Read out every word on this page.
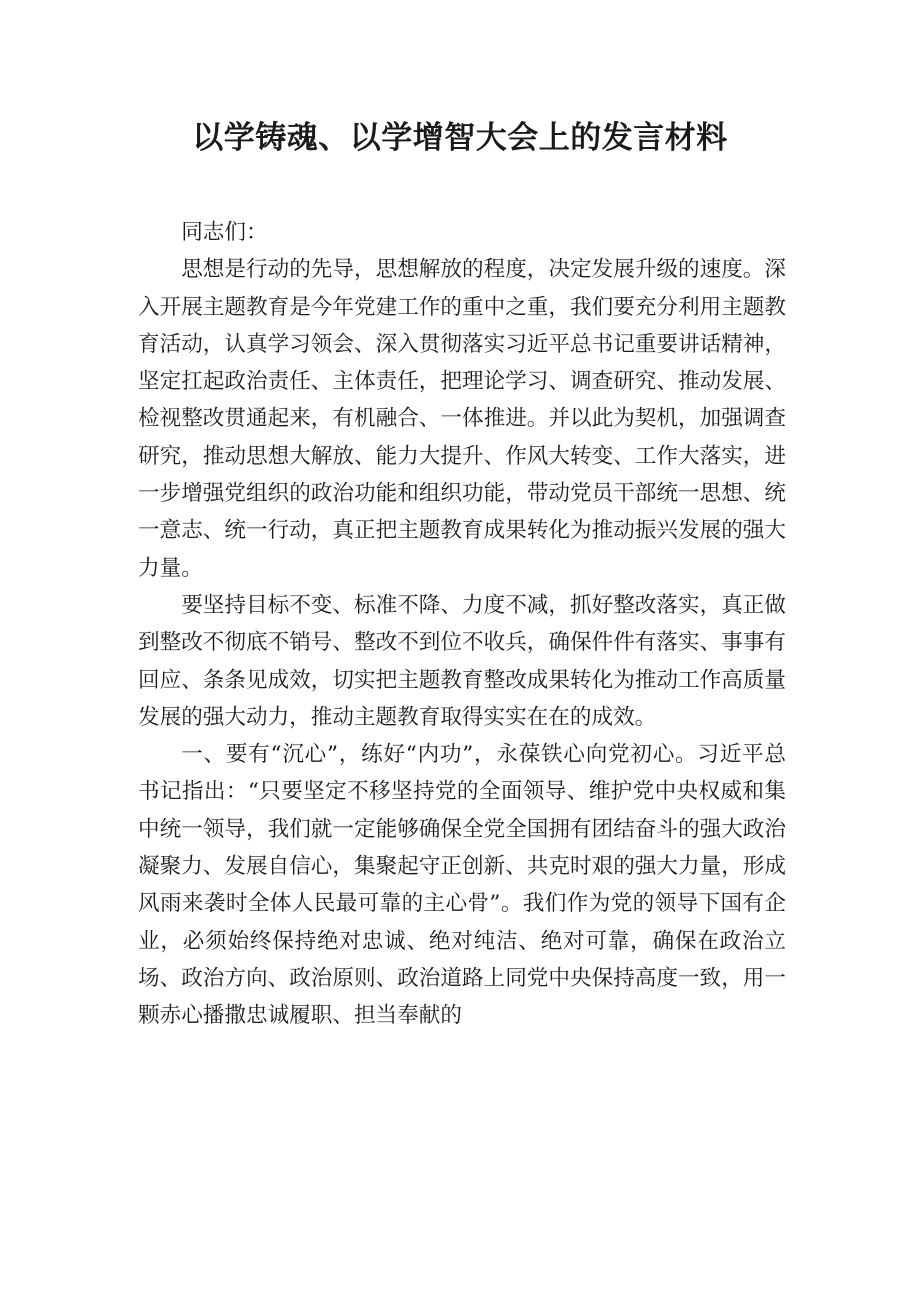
以学铸魂、以学增智大会上的发言材料

同志们：

思想是行动的先导，思想解放的程度，决定发展升级的速度。深入开展主题教育是今年党建工作的重中之重，我们要充分利用主题教育活动，认真学习领会、深入贯彻落实习近平总书记重要讲话精神，坚定扛起政治责任、主体责任，把理论学习、调查研究、推动发展、检视整改贯通起来，有机融合、一体推进。并以此为契机，加强调查研究，推动思想大解放、能力大提升、作风大转变、工作大落实，进一步增强党组织的政治功能和组织功能，带动党员干部统一思想、统一意志、统一行动，真正把主题教育成果转化为推动振兴发展的强大力量。

要坚持目标不变、标准不降、力度不减，抓好整改落实，真正做到整改不彻底不销号、整改不到位不收兵，确保件件有落实、事事有回应、条条见成效，切实把主题教育整改成果转化为推动工作高质量发展的强大动力，推动主题教育取得实实在在的成效。

一、要有“沉心”，练好“内功”，永葆铁心向党初心。习近平总书记指出：“只要坚定不移坚持党的全面领导、维护党中央权威和集中统一领导，我们就一定能够确保全党全国拥有团结奋斗的强大政治凝聚力、发展自信心，集聚起守正创新、共克时艰的强大力量，形成风雨来袭时全体人民最可靠的主心骨”。我们作为党的领导下国有企业，必须始终保持绝对忠诚、绝对纯洁、绝对可靠，确保在政治立场、政治方向、政治原则、政治道路上同党中央保持高度一致，用一颗赤心播撒忠诚履职、担当奉献的
